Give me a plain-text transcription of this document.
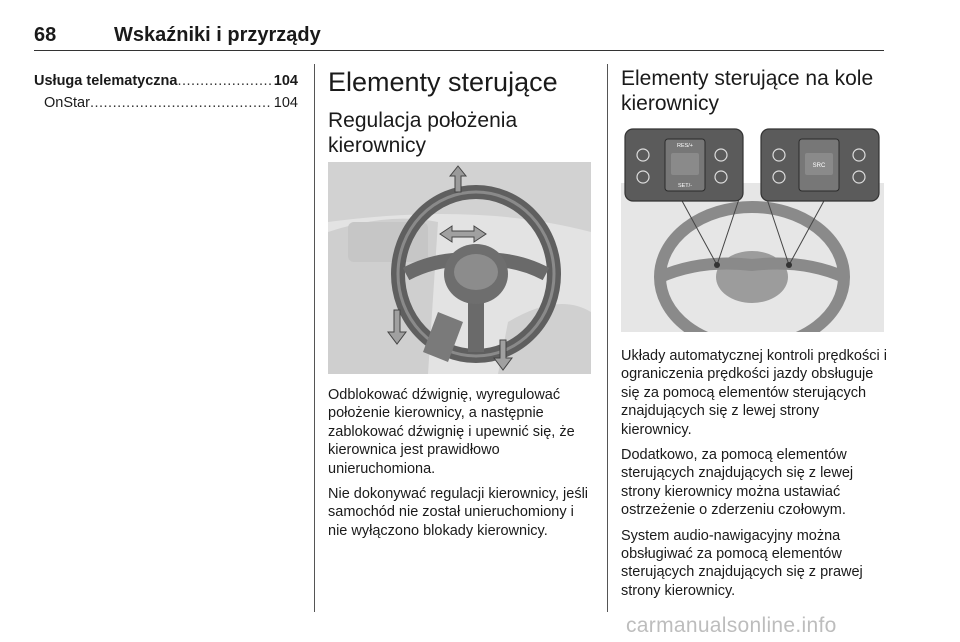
68	Wskaźniki i przyrządy
Usługa telematyczna .....	104
OnStar .....	104
Elementy sterujące
Regulacja położenia kierownicy

Odblokować dźwignię, wyregulować położenie kierownicy, a następnie zablokować dźwignię i upewnić się, że kierownica jest prawidłowo unieruchomiona.

Nie dokonywać regulacji kierownicy, jeśli samochód nie został unieruchomiony i nie wyłączono blokady kierownicy.

Elementy sterujące na kole kierownicy
RES/+
SET/-
SRC

Układy automatycznej kontroli prędkości i ograniczenia prędkości jazdy obsługuje się za pomocą elementów sterujących znajdujących się z lewej strony kierownicy.

Dodatkowo, za pomocą elementów sterujących znajdujących się z lewej strony kierownicy można ustawiać ostrzeżenie o zderzeniu czołowym.

System audio-nawigacyjny można obsługiwać za pomocą elementów sterujących znajdujących się z prawej strony kierownicy.

carmanualsonline.info
